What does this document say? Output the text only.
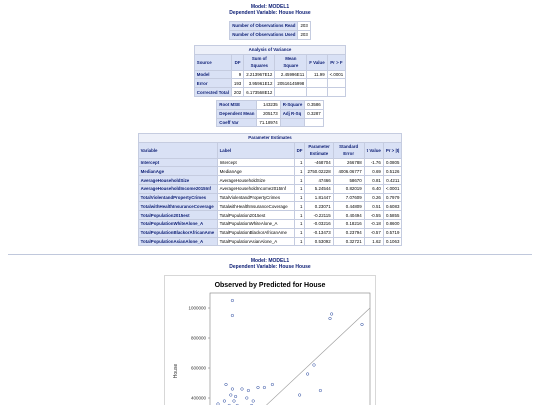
Model: MODEL1
Dependent Variable: House House
Number of Observations Read	203
Number of Observations Used	203
Analysis of Variance					
Source	DF	Sum of Squares	Mean Square	F Value	Pr > F
Model	9	2.213967E12	2.45996E11	11.99	<.0001
Error	193	3.95961E12	20516145998		
Corrected Total	202	6.173568E12			
Root MSE	143235	R-Square	0.3586
Dependent Mean	205173	Adj R-Sq	0.3287
Coeff Var	71.18974		
Parameter Estimates						
Variable	Label	DF	Parameter Estimate	Standard Error	t Value	Pr > |t|
Intercept	Intercept	1	-468704	266788	-1.76	0.0805
MedianAge	MedianAge	1	2750.02228	4006.06777	0.69	0.5126
AverageHouseholdSize	AverageHouseholdSize	1	47466	58670	0.81	0.4211
AverageHouseholdIncome2015Inf	AverageHouseholdIncome2015Inf	1	5.24544	0.82019	6.40	<.0001
TotalViolentandPropertyCrimes	TotalViolentandPropertyCrimes	1	1.81447	7.07609	0.26	0.7979
TotalwithHealthInsuranceCoverage	TotalwithHealthInsuranceCoverage	1	0.23071	0.44809	0.51	0.6083
TotalPopulation2015est	TotalPopulation2015est	1	-0.22115	0.40494	-0.55	0.5855
TotalPopulationWhiteAlone_A	TotalPopulationWhiteAlone_A	1	-0.03216	0.18216	-0.18	0.8600
TotalPopulationBlackorAfricanAme	TotalPopulationBlackorAfricanAme	1	-0.13473	0.23794	-0.57	0.5719
TotalPopulationAsianAlone_A	TotalPopulationAsianAlone_A	1	0.53092	0.32721	1.62	0.1063
Model: MODEL1
Dependent Variable: House House
Observed by Predicted for House
House
400000
600000
800000
1000000
